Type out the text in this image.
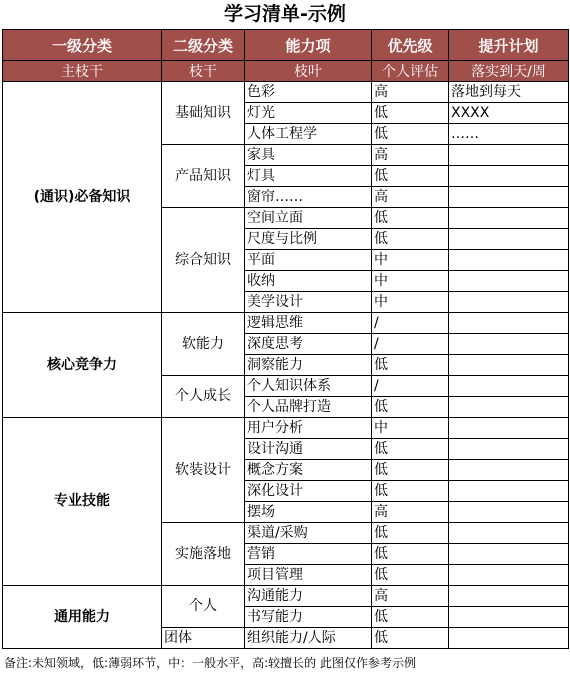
学习清单-示例
一级分类	二级分类	能力项	优先级	提升计划
主枝干	枝干	枝叶	个人评估	落实到天/周
(通识)必备知识	基础知识	色彩	高	落地到每天
		灯光	低	XXXX
		人体工程学	低	……
	产品知识	家具	高	
		灯具	低	
		窗帘……	高	
	综合知识	空间立面	低	
		尺度与比例	低	
		平面	中	
		收纳	中	
		美学设计	中	
核心竞争力	软能力	逻辑思维	/	
		深度思考	/	
		洞察能力	低	
	个人成长	个人知识体系	/	
		个人品牌打造	低	
专业技能	软装设计	用户分析	中	
		设计沟通	低	
		概念方案	低	
		深化设计	低	
		摆场	高	
	实施落地	渠道/采购	低	
		营销	低	
		项目管理	低	
通用能力	个人	沟通能力	高	
		书写能力	低	
	团体	组织能力/人际	低	
备注:未知领域，低:薄弱环节，中：一般水平，高:较擅长的 此图仅作参考示例
